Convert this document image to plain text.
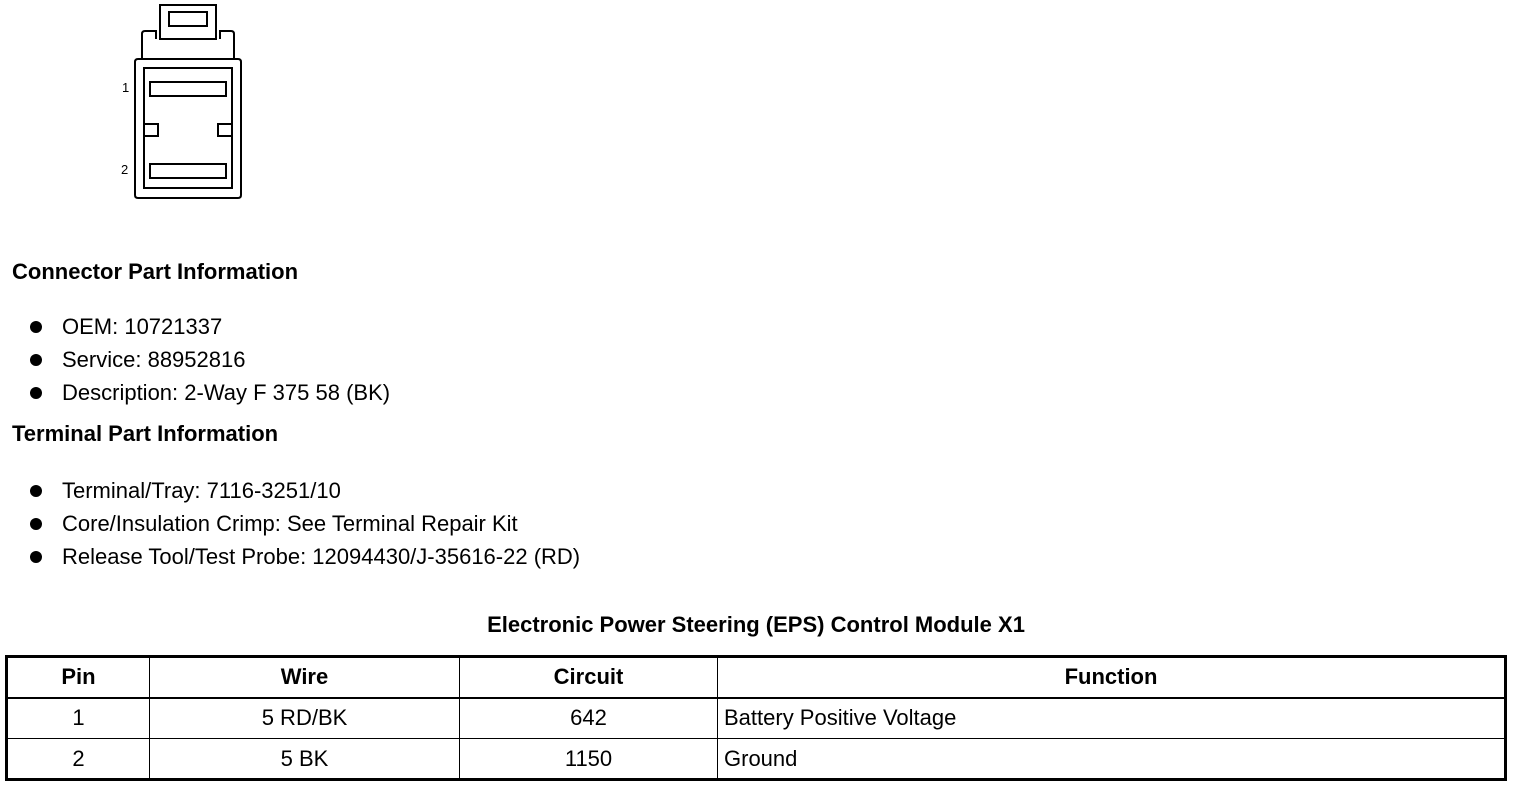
1
2
Connector Part Information
OEM: 10721337
Service: 88952816
Description: 2-Way F 375 58 (BK)
Terminal Part Information
Terminal/Tray: 7116-3251/10
Core/Insulation Crimp: See Terminal Repair Kit
Release Tool/Test Probe: 12094430/J-35616-22 (RD)
Electronic Power Steering (EPS) Control Module X1
Pin	Wire	Circuit	Function
1	5 RD/BK	642	Battery Positive Voltage
2	5 BK	1150	Ground
